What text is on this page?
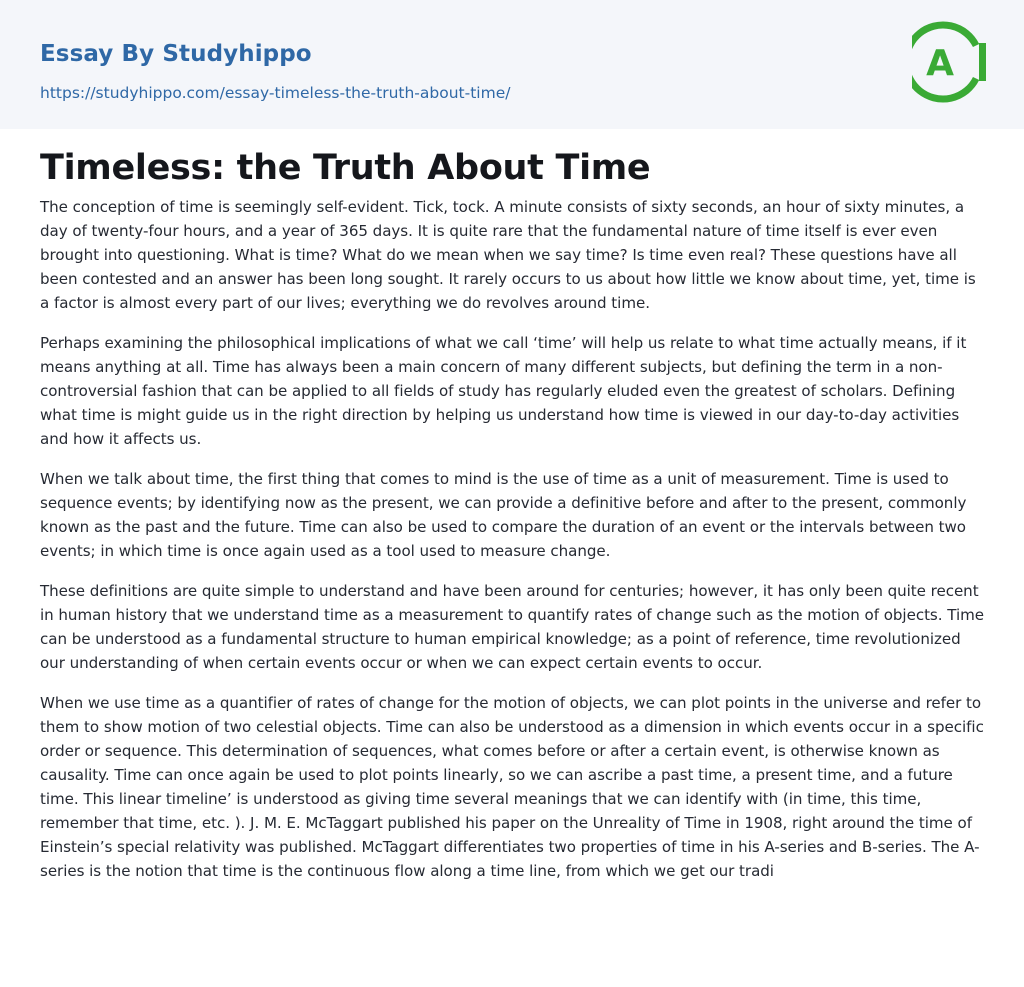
Essay By Studyhippo
https://studyhippo.com/essay-timeless-the-truth-about-time/
A
Timeless: the Truth About Time

The conception of time is seemingly self-evident. Tick, tock. A minute consists of sixty seconds, an hour of sixty minutes, a day of twenty-four hours, and a year of 365 days. It is quite rare that the fundamental nature of time itself is ever even brought into questioning. What is time? What do we mean when we say time? Is time even real? These questions have all been contested and an answer has been long sought. It rarely occurs to us about how little we know about time, yet, time is a factor is almost every part of our lives; everything we do revolves around time.

Perhaps examining the philosophical implications of what we call ‘time’ will help us relate to what time actually means, if it means anything at all. Time has always been a main concern of many different subjects, but defining the term in a non-controversial fashion that can be applied to all fields of study has regularly eluded even the greatest of scholars. Defining what time is might guide us in the right direction by helping us understand how time is viewed in our day-to-day activities and how it affects us.

When we talk about time, the first thing that comes to mind is the use of time as a unit of measurement. Time is used to sequence events; by identifying now as the present, we can provide a definitive before and after to the present, commonly known as the past and the future. Time can also be used to compare the duration of an event or the intervals between two events; in which time is once again used as a tool used to measure change.

These definitions are quite simple to understand and have been around for centuries; however, it has only been quite recent in human history that we understand time as a measurement to quantify rates of change such as the motion of objects. Time can be understood as a fundamental structure to human empirical knowledge; as a point of reference, time revolutionized our understanding of when certain events occur or when we can expect certain events to occur.

When we use time as a quantifier of rates of change for the motion of objects, we can plot points in the universe and refer to them to show motion of two celestial objects. Time can also be understood as a dimension in which events occur in a specific order or sequence. This determination of sequences, what comes before or after a certain event, is otherwise known as causality. Time can once again be used to plot points linearly, so we can ascribe a past time, a present time, and a future time. This linear timeline’ is understood as giving time several meanings that we can identify with (in time, this time, remember that time, etc. ). J. M. E. McTaggart published his paper on the Unreality of Time in 1908, right around the time of Einstein’s special relativity was published. McTaggart differentiates two properties of time in his A-series and B-series. The A-series is the notion that time is the continuous flow along a time line, from which we get our tradi
